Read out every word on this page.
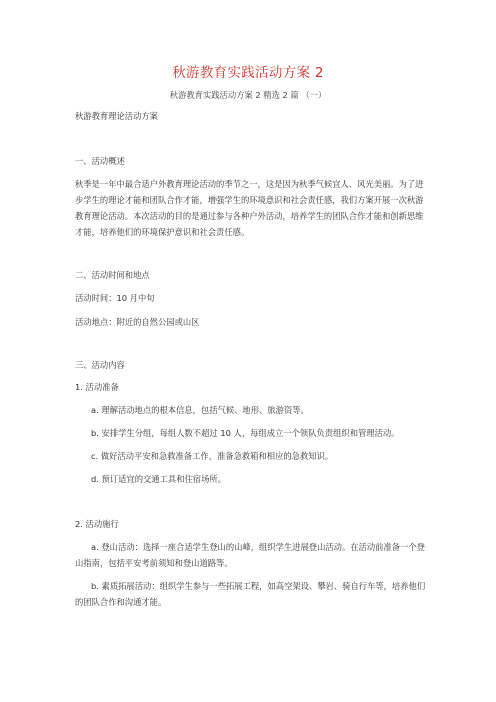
秋游教育实践活动方案 2
秋游教育实践活动方案 2 精选 2 篇 （一）
秋游教育理论活动方案
一、活动概述
秋季是一年中最合适户外教育理论活动的季节之一，这是因为秋季气候宜人、风光美丽。为了进步学生的理论才能和团队合作才能，增强学生的环境意识和社会责任感，我们方案开展一次秋游教育理论活动。本次活动的目的是通过参与各种户外活动，培养学生的团队合作才能和创新思维才能，培养他们的环境保护意识和社会责任感。
二、活动时间和地点
活动时间：10 月中旬
活动地点：附近的自然公园或山区
三、活动内容
1. 活动准备
a. 理解活动地点的根本信息，包括气候、地形、旅游资等。
b. 安排学生分组，每组人数不超过 10 人，每组成立一个领队负责组织和管理活动。
c. 做好活动平安和急救准备工作，准备急救箱和相应的急救知识。
d. 预订适宜的交通工具和住宿场所。
2. 活动施行
a. 登山活动：选择一座合适学生登山的山峰，组织学生进展登山活动。在活动前准备一个登山指南，包括平安考前须知和登山道路等。
b. 素质拓展活动：组织学生参与一些拓展工程，如高空架设、攀岩、骑自行车等，培养他们的团队合作和沟通才能。
